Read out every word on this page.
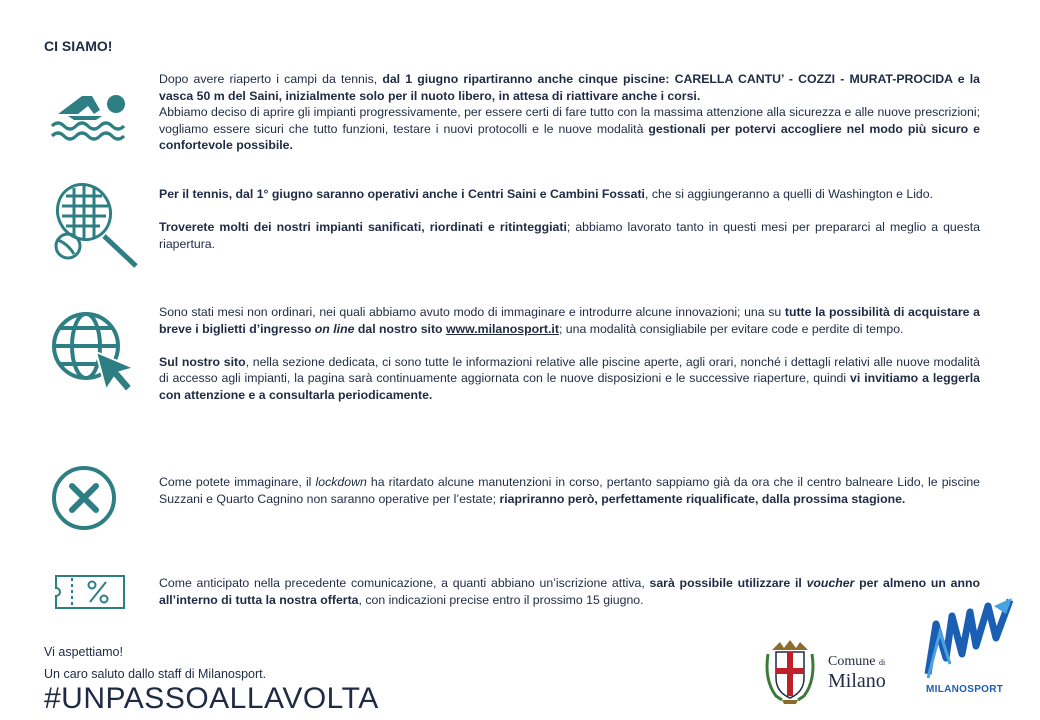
CI SIAMO!

Dopo avere riaperto i campi da tennis, dal 1 giugno ripartiranno anche cinque piscine: CARELLA CANTU’ - COZZI - MURAT-PROCIDA e la vasca 50 m del Saini, inizialmente solo per il nuoto libero, in attesa di riattivare anche i corsi.

Abbiamo deciso di aprire gli impianti progressivamente, per essere certi di fare tutto con la massima attenzione alla sicurezza e alle nuove prescrizioni; vogliamo essere sicuri che tutto funzioni, testare i nuovi protocolli e le nuove modalità gestionali per potervi accogliere nel modo più sicuro e confortevole possibile.

Per il tennis, dal 1° giugno saranno operativi anche i Centri Saini e Cambini Fossati, che si aggiungeranno a quelli di Washington e Lido.

Troverete molti dei nostri impianti sanificati, riordinati e ritinteggiati; abbiamo lavorato tanto in questi mesi per prepararci al meglio a questa riapertura.

Sono stati mesi non ordinari, nei quali abbiamo avuto modo di immaginare e introdurre alcune innovazioni; una su tutte la possibilità di acquistare a breve i biglietti d’ingresso on line dal nostro sito www.milanosport.it; una modalità consigliabile per evitare code e perdite di tempo.

Sul nostro sito, nella sezione dedicata, ci sono tutte le informazioni relative alle piscine aperte, agli orari, nonché i dettagli relativi alle nuove modalità di accesso agli impianti, la pagina sarà continuamente aggiornata con le nuove disposizioni e le successive riaperture, quindi vi invitiamo a leggerla con attenzione e a consultarla periodicamente.

Come potete immaginare, il lockdown ha ritardato alcune manutenzioni in corso, pertanto sappiamo già da ora che il centro balneare Lido, le piscine Suzzani e Quarto Cagnino non saranno operative per l’estate; riapriranno però, perfettamente riqualificate, dalla prossima stagione.

Come anticipato nella precedente comunicazione, a quanti abbiano un’iscrizione attiva, sarà possibile utilizzare il voucher per almeno un anno all’interno di tutta la nostra offerta, con indicazioni precise entro il prossimo 15 giugno.

Vi aspettiamo!
Un caro saluto dallo staff di Milanosport.
#UNPASSOALLAVOLTA
Comune di
Milano	MILANOSPORT
